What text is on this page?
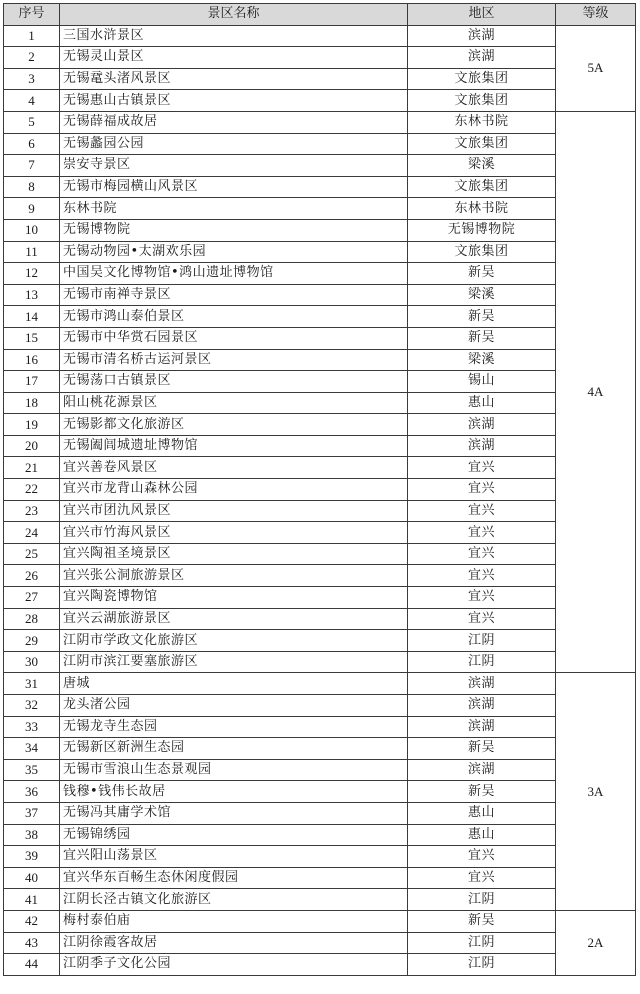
序号	景区名称	地区	等级
1	三国水浒景区	滨湖	5A
2	无锡灵山景区	滨湖	
3	无锡鼋头渚风景区	文旅集团	
4	无锡惠山古镇景区	文旅集团	
5	无锡薛福成故居	东林书院	4A
6	无锡蠡园公园	文旅集团	
7	崇安寺景区	梁溪	
8	无锡市梅园横山风景区	文旅集团	
9	东林书院	东林书院	
10	无锡博物院	无锡博物院	
11	无锡动物园•太湖欢乐园	文旅集团	
12	中国吴文化博物馆•鸿山遗址博物馆	新吴	
13	无锡市南禅寺景区	梁溪	
14	无锡市鸿山泰伯景区	新吴	
15	无锡市中华赏石园景区	新吴	
16	无锡市清名桥古运河景区	梁溪	
17	无锡荡口古镇景区	锡山	
18	阳山桃花源景区	惠山	
19	无锡影都文化旅游区	滨湖	
20	无锡阖闾城遗址博物馆	滨湖	
21	宜兴善卷风景区	宜兴	
22	宜兴市龙背山森林公园	宜兴	
23	宜兴市团氿风景区	宜兴	
24	宜兴市竹海风景区	宜兴	
25	宜兴陶祖圣境景区	宜兴	
26	宜兴张公洞旅游景区	宜兴	
27	宜兴陶瓷博物馆	宜兴	
28	宜兴云湖旅游景区	宜兴	
29	江阴市学政文化旅游区	江阴	
30	江阴市滨江要塞旅游区	江阴	
31	唐城	滨湖	3A
32	龙头渚公园	滨湖	
33	无锡龙寺生态园	滨湖	
34	无锡新区新洲生态园	新吴	
35	无锡市雪浪山生态景观园	滨湖	
36	钱穆•钱伟长故居	新吴	
37	无锡冯其庸学术馆	惠山	
38	无锡锦绣园	惠山	
39	宜兴阳山荡景区	宜兴	
40	宜兴华东百畅生态休闲度假园	宜兴	
41	江阴长泾古镇文化旅游区	江阴	
42	梅村泰伯庙	新吴	2A
43	江阴徐霞客故居	江阴	
44	江阴季子文化公园	江阴	
